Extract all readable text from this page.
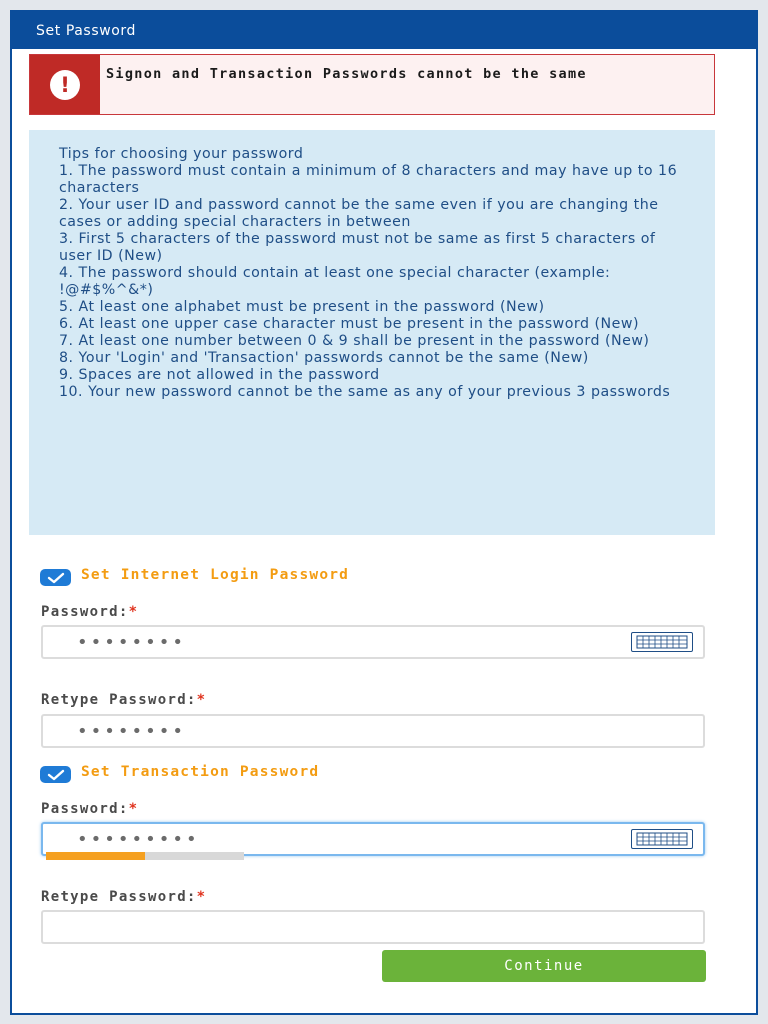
Set Password
!	Signon and Transaction Passwords cannot be the same
Tips for choosing your password
1. The password must contain a minimum of 8 characters and may have up to 16 characters
2. Your user ID and password cannot be the same even if you are changing the cases or adding special characters in between
3. First 5 characters of the password must not be same as first 5 characters of user ID (New)
4. The password should contain at least one special character (example: !@#$%^&*)
5. At least one alphabet must be present in the password (New)
6. At least one upper case character must be present in the password (New)
7. At least one number between 0 & 9 shall be present in the password (New)
8. Your 'Login' and 'Transaction' passwords cannot be the same (New)
9. Spaces are not allowed in the password
10. Your new password cannot be the same as any of your previous 3 passwords
Set Internet Login Password
Password:*
••••••••
Retype Password:*
••••••••
Set Transaction Password
Password:*
•••••••••
Retype Password:*
Continue
